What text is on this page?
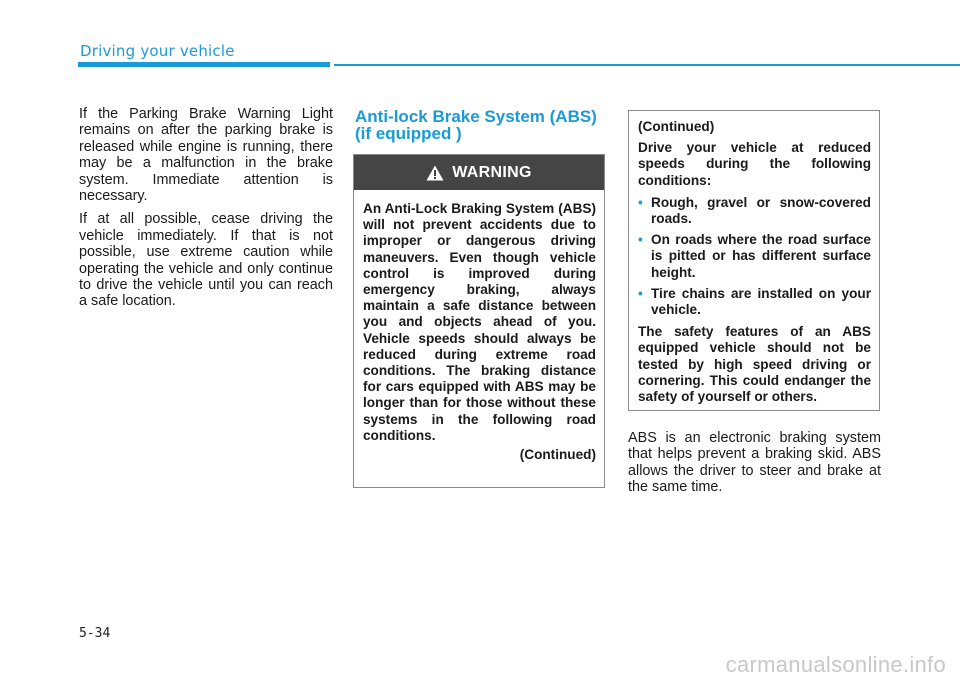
Driving your vehicle

If the Parking Brake Warning Light remains on after the parking brake is released while engine is running, there may be a malfunction in the brake system. Immediate attention is necessary.

If at all possible, cease driving the vehicle immediately. If that is not possible, use extreme caution while operating the vehicle and only continue to drive the vehicle until you can reach a safe location.

Anti-lock Brake System (ABS) (if equipped )
WARNING
An Anti-Lock Braking System (ABS) will not prevent accidents due to improper or dangerous driving maneuvers. Even though vehicle control is improved during emergency braking, always maintain a safe distance between you and objects ahead of you. Vehicle speeds should always be reduced during extreme road conditions. The braking distance for cars equipped with ABS may be longer than for those without these systems in the following road conditions.
(Continued)

(Continued)

Drive your vehicle at reduced speeds during the following conditions:

• Rough, gravel or snow-covered roads.
• On roads where the road surface is pitted or has different surface height.
• Tire chains are installed on your vehicle.

The safety features of an ABS equipped vehicle should not be tested by high speed driving or cornering. This could endanger the safety of yourself or others.

ABS is an electronic braking system that helps prevent a braking skid. ABS allows the driver to steer and brake at the same time.
5-34
carmanualsonline.info
